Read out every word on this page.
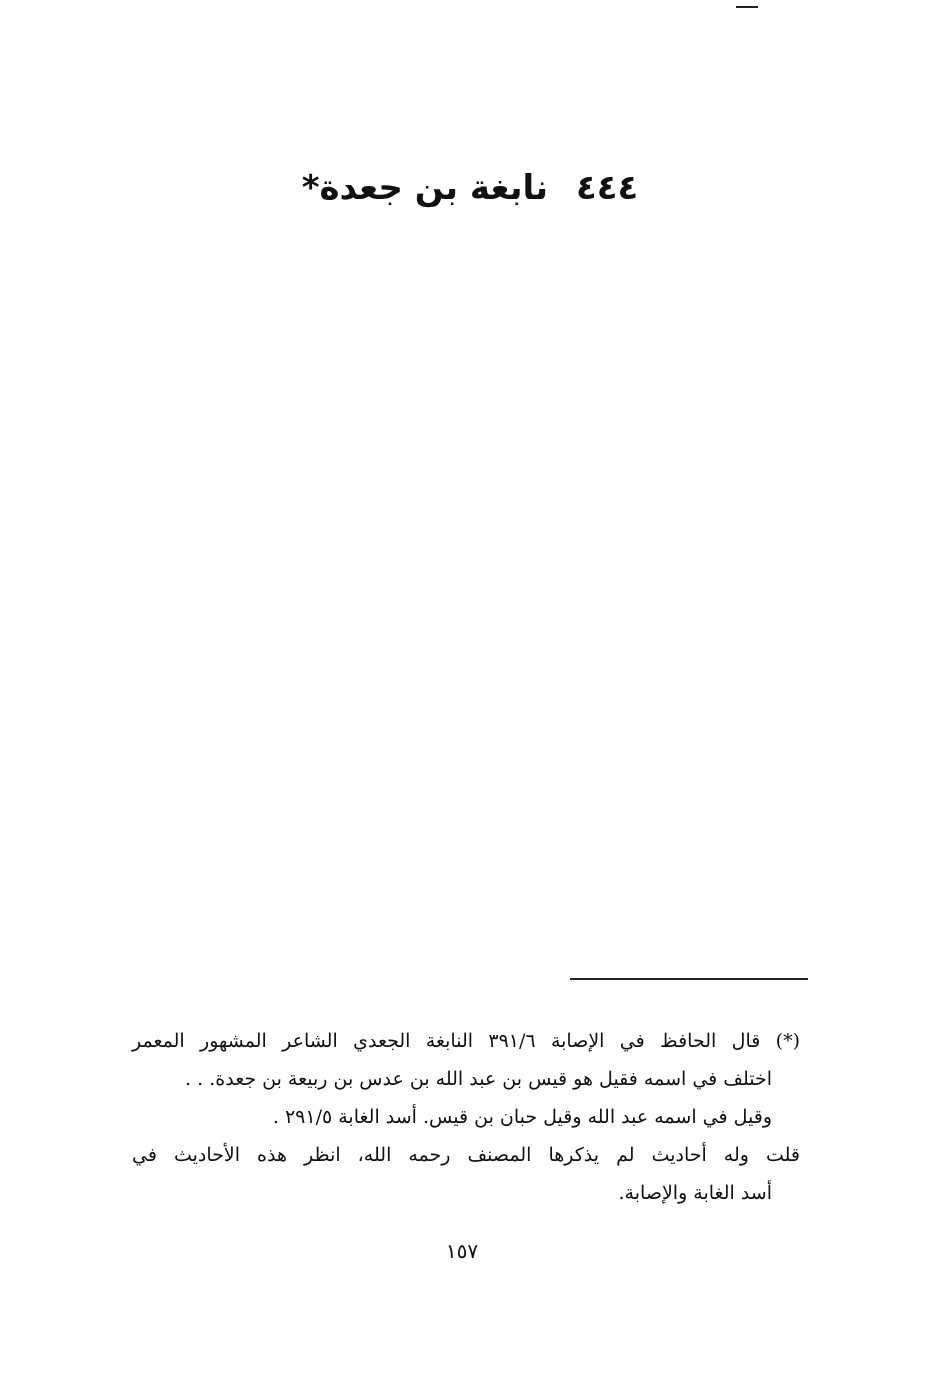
٤٤٤نابغة بن جعدة*
(*) قال الحافظ في الإصابة ٣٩١/٦ النابغة الجعدي الشاعر المشهور المعمر
اختلف في اسمه فقيل هو قيس بن عبد الله بن عدس بن ربيعة بن جعدة. . .
وقيل في اسمه عبد الله وقيل حبان بن قيس. أسد الغابة ٢٩١/٥ .
قلت وله أحاديث لم يذكرها المصنف رحمه الله، انظر هذه الأحاديث في
أسد الغابة والإصابة.
١٥٧
